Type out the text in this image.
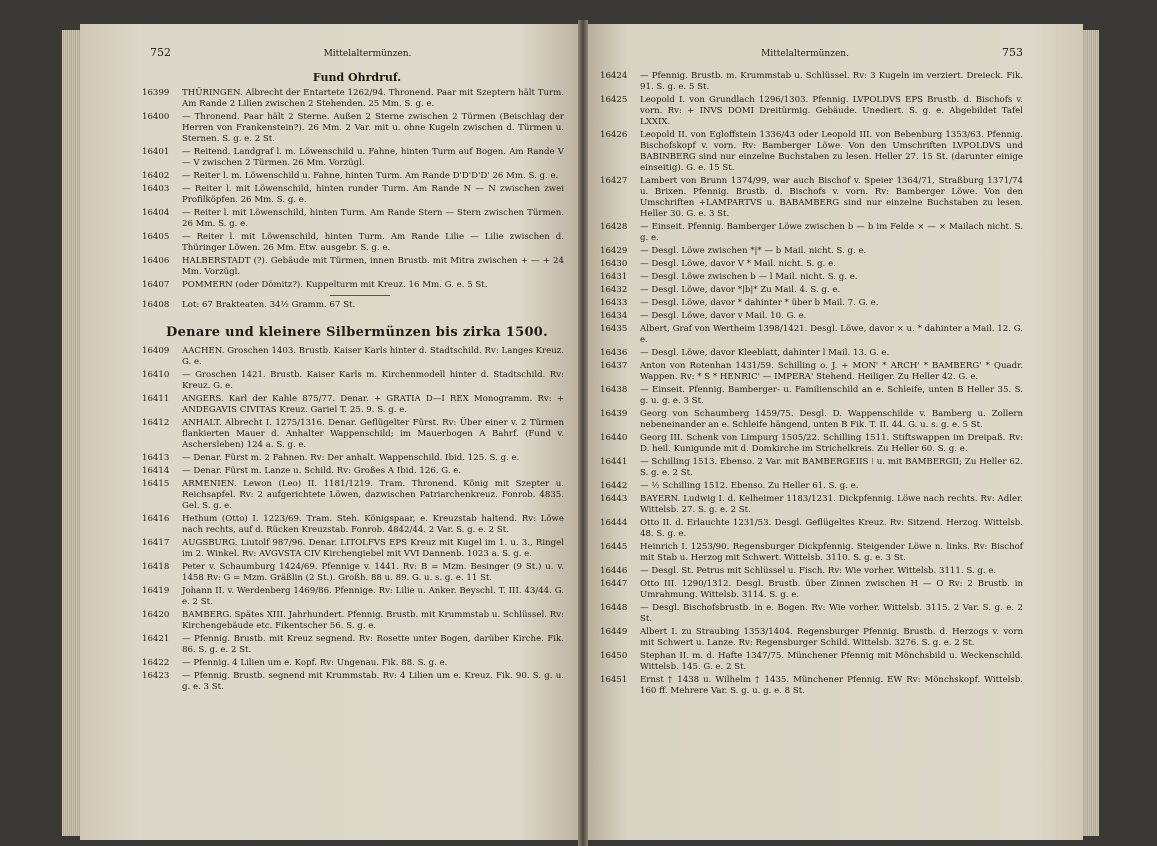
752	Mittelaltermünzen.
Fund Ohrdruf.
16399	THÜRINGEN. Albrecht der Entartete 1262/94. Thronend. Paar mit Szeptern hält Turm. Am Rande 2 Lilien zwischen 2 Stehenden. 25 Mm. S. g. e.
16400	— Thronend. Paar hält 2 Sterne. Außen 2 Sterne zwischen 2 Türmen (Beischlag der Herren von Frankenstein?). 26 Mm. 2 Var. mit u. ohne Kugeln zwischen d. Türmen u. Sternen. S. g. e. 2 St.
16401	— Reitend. Landgraf l. m. Löwenschild u. Fahne, hinten Turm auf Bogen. Am Rande V — V zwischen 2 Türmen. 26 Mm. Vorzügl.
16402	— Reiter l. m. Löwenschild u. Fahne, hinten Turm. Am Rande D'D'D'D' 26 Mm. S. g. e.
16403	— Reiter l. mit Löwenschild, hinten runder Turm. Am Rande N — N zwischen zwei Profilköpfen. 26 Mm. S. g. e.
16404	— Reiter l. mit Löwenschild, hinten Turm. Am Rande Stern — Stern zwischen Türmen. 26 Mm. S. g. e.
16405	— Reiter l. mit Löwenschild, hinten Turm. Am Rande Lilie — Lilie zwischen d. Thüringer Löwen. 26 Mm. Etw. ausgebr. S. g. e.
16406	HALBERSTADT (?). Gebäude mit Türmen, innen Brustb. mit Mitra zwischen + — + 24 Mm. Vorzügl.
16407	POMMERN (oder Dömitz?). Kuppelturm mit Kreuz. 16 Mm. G. e. 5 St.
16408	Lot: 67 Brakteaten. 34½ Gramm. 67 St.
Denare und kleinere Silbermünzen bis zirka 1500.
16409	AACHEN. Groschen 1403. Brustb. Kaiser Karls hinter d. Stadtschild. Rv: Langes Kreuz. G. e.
16410	— Groschen 1421. Brustb. Kaiser Karls m. Kirchenmodell hinter d. Stadtschild. Rv: Kreuz. G. e.
16411	ANGERS. Karl der Kahle 875/77. Denar. + GRATIA D—I REX Monogramm. Rv: + ANDEGAVIS CIVITAS Kreuz. Gariel T. 25. 9. S. g. e.
16412	ANHALT. Albrecht I. 1275/1316. Denar. Geflügelter Fürst. Rv: Über einer v. 2 Türmen flankierten Mauer d. Anhalter Wappenschild; im Mauerbogen A Bahrf. (Fund v. Aschersleben) 124 a. S. g. e.
16413	— Denar. Fürst m. 2 Fahnen. Rv: Der anhalt. Wappenschild. Ibid. 125. S. g. e.
16414	— Denar. Fürst m. Lanze u. Schild. Rv: Großes A Ibid. 126. G. e.
16415	ARMENIEN. Lewon (Leo) II. 1181/1219. Tram. Thronend. König mit Szepter u. Reichsapfel. Rv: 2 aufgerichtete Löwen, dazwischen Patriarchenkreuz. Fonrob. 4835. Gel. S. g. e.
16416	Hethum (Otto) I. 1223/69. Tram. Steh. Königspaar, e. Kreuzstab haltend. Rv: Löwe nach rechts, auf d. Rücken Kreuzstab. Fonrob. 4842/44. 2 Var. S. g. e. 2 St.
16417	AUGSBURG. Liutolf 987/96. Denar. LITOLFVS EPS Kreuz mit Kugel im 1. u. 3., Ringel im 2. Winkel. Rv: AVGVSTA CIV Kirchengiebel mit VVI Dannenb. 1023 a. S. g. e.
16418	Peter v. Schaumburg 1424/69. Pfennige v. 1441. Rv: B = Mzm. Besinger (9 St.) u. v. 1458 Rv: G = Mzm. Gräßlin (2 St.). Großh. 88 u. 89. G. u. s. g. e. 11 St.
16419	Johann II. v. Werdenberg 1469/86. Pfennige. Rv: Lilie u. Anker. Beyschl. T. III. 43/44. G. e. 2 St.
16420	BAMBERG. Spätes XIII. Jahrhundert. Pfennig. Brustb. mit Krummstab u. Schlüssel. Rv: Kirchengebäude etc. Fikentscher 56. S. g. e.
16421	— Pfennig. Brustb. mit Kreuz segnend. Rv: Rosette unter Bogen, darüber Kirche. Fik. 86. S. g. e. 2 St.
16422	— Pfennig. 4 Lilien um e. Kopf. Rv: Ungenau. Fik. 88. S. g. e.
16423	— Pfennig. Brustb. segnend mit Krummstab. Rv: 4 Lilien um e. Kreuz. Fik. 90. S. g. u. g. e. 3 St.
Mittelaltermünzen.	753
16424	— Pfennig. Brustb. m. Krummstab u. Schlüssel. Rv: 3 Kugeln im verziert. Dreieck. Fik. 91. S. g. e. 5 St.
16425	Leopold I. von Grundlach 1296/1303. Pfennig. LVPOLDVS EPS Brustb. d. Bischofs v. vorn. Rv: + INVS DOMI Dreitürmig. Gebäude. Unediert. S. g. e. Abgebildet Tafel LXXIX.
16426	Leopold II. von Egloffstein 1336/43 oder Leopold III. von Bebenburg 1353/63. Pfennig. Bischofskopf v. vorn. Rv: Bamberger Löwe. Von den Umschriften LVPOLDVS und BABINBERG sind nur einzelne Buchstaben zu lesen. Heller 27. 15 St. (darunter einige einseitig). G. e. 15 St.
16427	Lambert von Brunn 1374/99, war auch Bischof v. Speier 1364/71, Straßburg 1371/74 u. Brixen. Pfennig. Brustb. d. Bischofs v. vorn. Rv: Bamberger Löwe. Von den Umschriften +LAMPARTVS u. BABAMBERG sind nur einzelne Buchstaben zu lesen. Heller 30. G. e. 3 St.
16428	— Einseit. Pfennig. Bamberger Löwe zwischen b — b im Felde × — × Mailach nicht. S. g. e.
16429	— Desgl. Löwe zwischen *|* — b Mail. nicht. S. g. e.
16430	— Desgl. Löwe, davor V * Mail. nicht. S. g. e.
16431	— Desgl. Löwe zwischen b — l Mail. nicht. S. g. e.
16432	— Desgl. Löwe, davor *|b|* Zu Mail. 4. S. g. e.
16433	— Desgl. Löwe, davor * dahinter * über b Mail. 7. G. e.
16434	— Desgl. Löwe, davor v Mail. 10. G. e.
16435	Albert, Graf von Wertheim 1398/1421. Desgl. Löwe, davor × u. * dahinter a Mail. 12. G. e.
16436	— Desgl. Löwe, davor Kleeblatt, dahinter l Mail. 13. G. e.
16437	Anton von Rotenhan 1431/59. Schilling o. J. + MON' * ARCH' * BAMBERG' * Quadr. Wappen. Rv: * S * HENRIC' — IMPERA' Stehend. Heiliger. Zu Heller 42. G. e.
16438	— Einseit. Pfennig. Bamberger- u. Familienschild an e. Schleife, unten B Heller 35. S. g. u. g. e. 3 St.
16439	Georg von Schaumberg 1459/75. Desgl. D. Wappenschilde v. Bamberg u. Zollern nebeneinander an e. Schleife hängend, unten B Fik. T. II. 44. G. u. s. g. e. 5 St.
16440	Georg III. Schenk von Limpurg 1505/22. Schilling 1511. Stiftswappen im Dreipaß. Rv: D. heil. Kunigunde mit d. Domkirche im Strichelkreis. Zu Heller 60. S. g. e.
16441	— Schilling 1513. Ebenso. 2 Var. mit BAMBERGEIIS ⁝ u. mit BAMBERGII; Zu Heller 62. S. g. e. 2 St.
16442	— ½ Schilling 1512. Ebenso. Zu Heller 61. S. g. e.
16443	BAYERN. Ludwig I. d. Kelheimer 1183/1231. Dickpfennig. Löwe nach rechts. Rv: Adler. Wittelsb. 27. S. g. e. 2 St.
16444	Otto II. d. Erlauchte 1231/53. Desgl. Geflügeltes Kreuz. Rv: Sitzend. Herzog. Wittelsb. 48. S. g. e.
16445	Heinrich I. 1253/90. Regensburger Dickpfennig. Steigender Löwe n. links. Rv: Bischof mit Stab u. Herzog mit Schwert. Wittelsb. 3110. S. g. e. 3 St.
16446	— Desgl. St. Petrus mit Schlüssel u. Fisch. Rv: Wie vorher. Wittelsb. 3111. S. g. e.
16447	Otto III. 1290/1312. Desgl. Brustb. über Zinnen zwischen H — O Rv: 2 Brustb. in Umrahmung. Wittelsb. 3114. S. g. e.
16448	— Desgl. Bischofsbrustb. in e. Bogen. Rv: Wie vorher. Wittelsb. 3115. 2 Var. S. g. e. 2 St.
16449	Albert I. zu Straubing 1353/1404. Regensburger Pfennig. Brustb. d. Herzogs v. vorn mit Schwert u. Lanze. Rv: Regensburger Schild. Wittelsb. 3276. S. g. e. 2 St.
16450	Stephan II. m. d. Hafte 1347/75. Münchener Pfennig mit Mönchsbild u. Weckenschild. Wittelsb. 145. G. e. 2 St.
16451	Ernst † 1438 u. Wilhelm † 1435. Münchener Pfennig. EW Rv: Mönchskopf. Wittelsb. 160 ff. Mehrere Var. S. g. u. g. e. 8 St.
